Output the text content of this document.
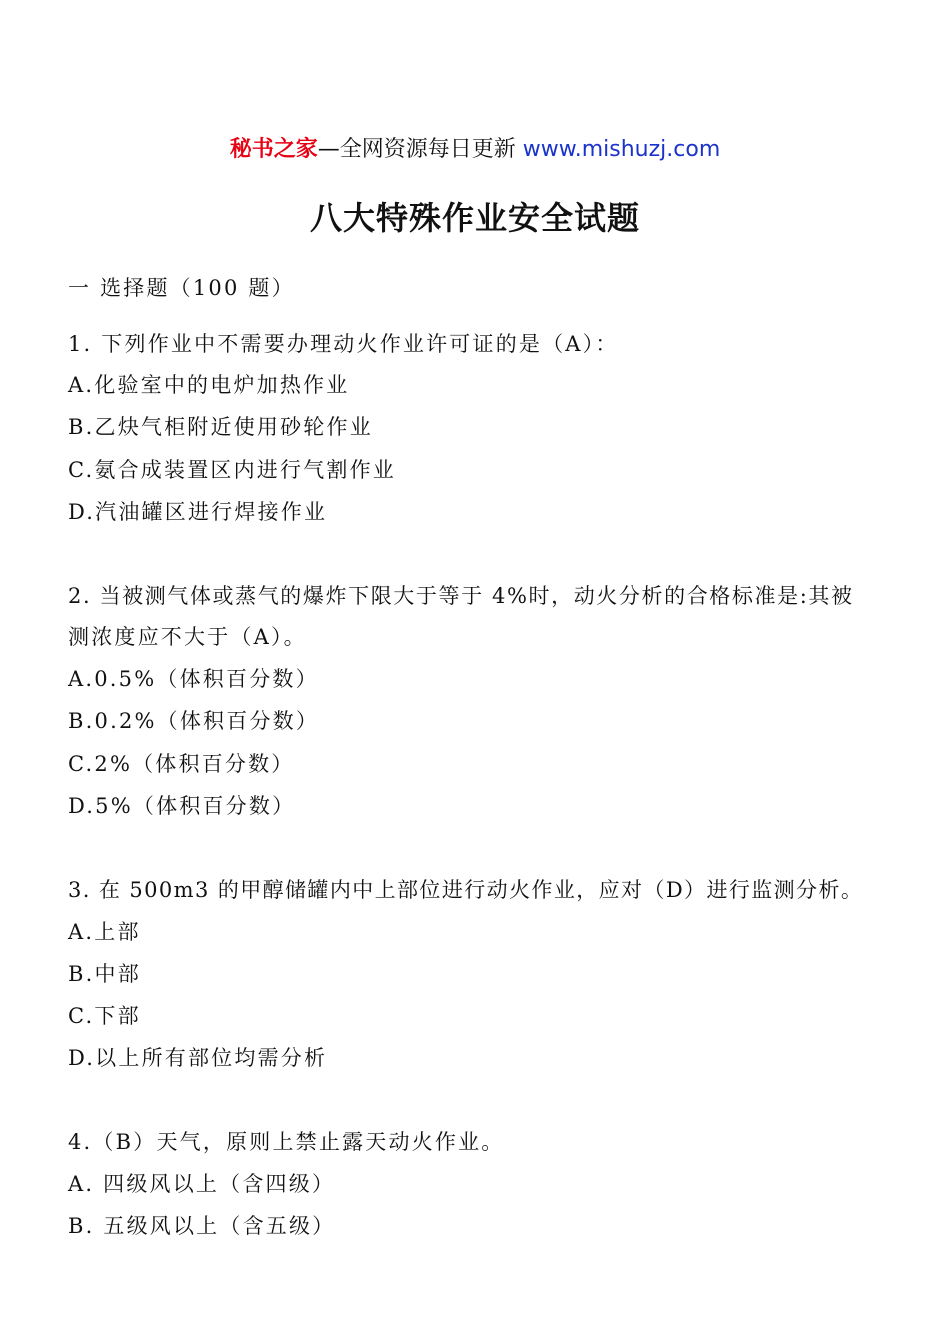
秘书之家—全网资源每日更新 www.mishuzj.com
八大特殊作业安全试题
一 选择题（100 题）
1. 下列作业中不需要办理动火作业许可证的是（A）：
A.化验室中的电炉加热作业
B.乙炔气柜附近使用砂轮作业
C.氨合成装置区内进行气割作业
D.汽油罐区进行焊接作业
2. 当被测气体或蒸气的爆炸下限大于等于 4%时，动火分析的合格标准是:其被
测浓度应不大于（A）。
A.0.5%（体积百分数）
B.0.2%（体积百分数）
C.2%（体积百分数）
D.5%（体积百分数）
3. 在 500m3 的甲醇储罐内中上部位进行动火作业，应对（D）进行监测分析。
A.上部
B.中部
C.下部
D.以上所有部位均需分析
4.（B）天气，原则上禁止露天动火作业。
A. 四级风以上（含四级）
B. 五级风以上（含五级）
